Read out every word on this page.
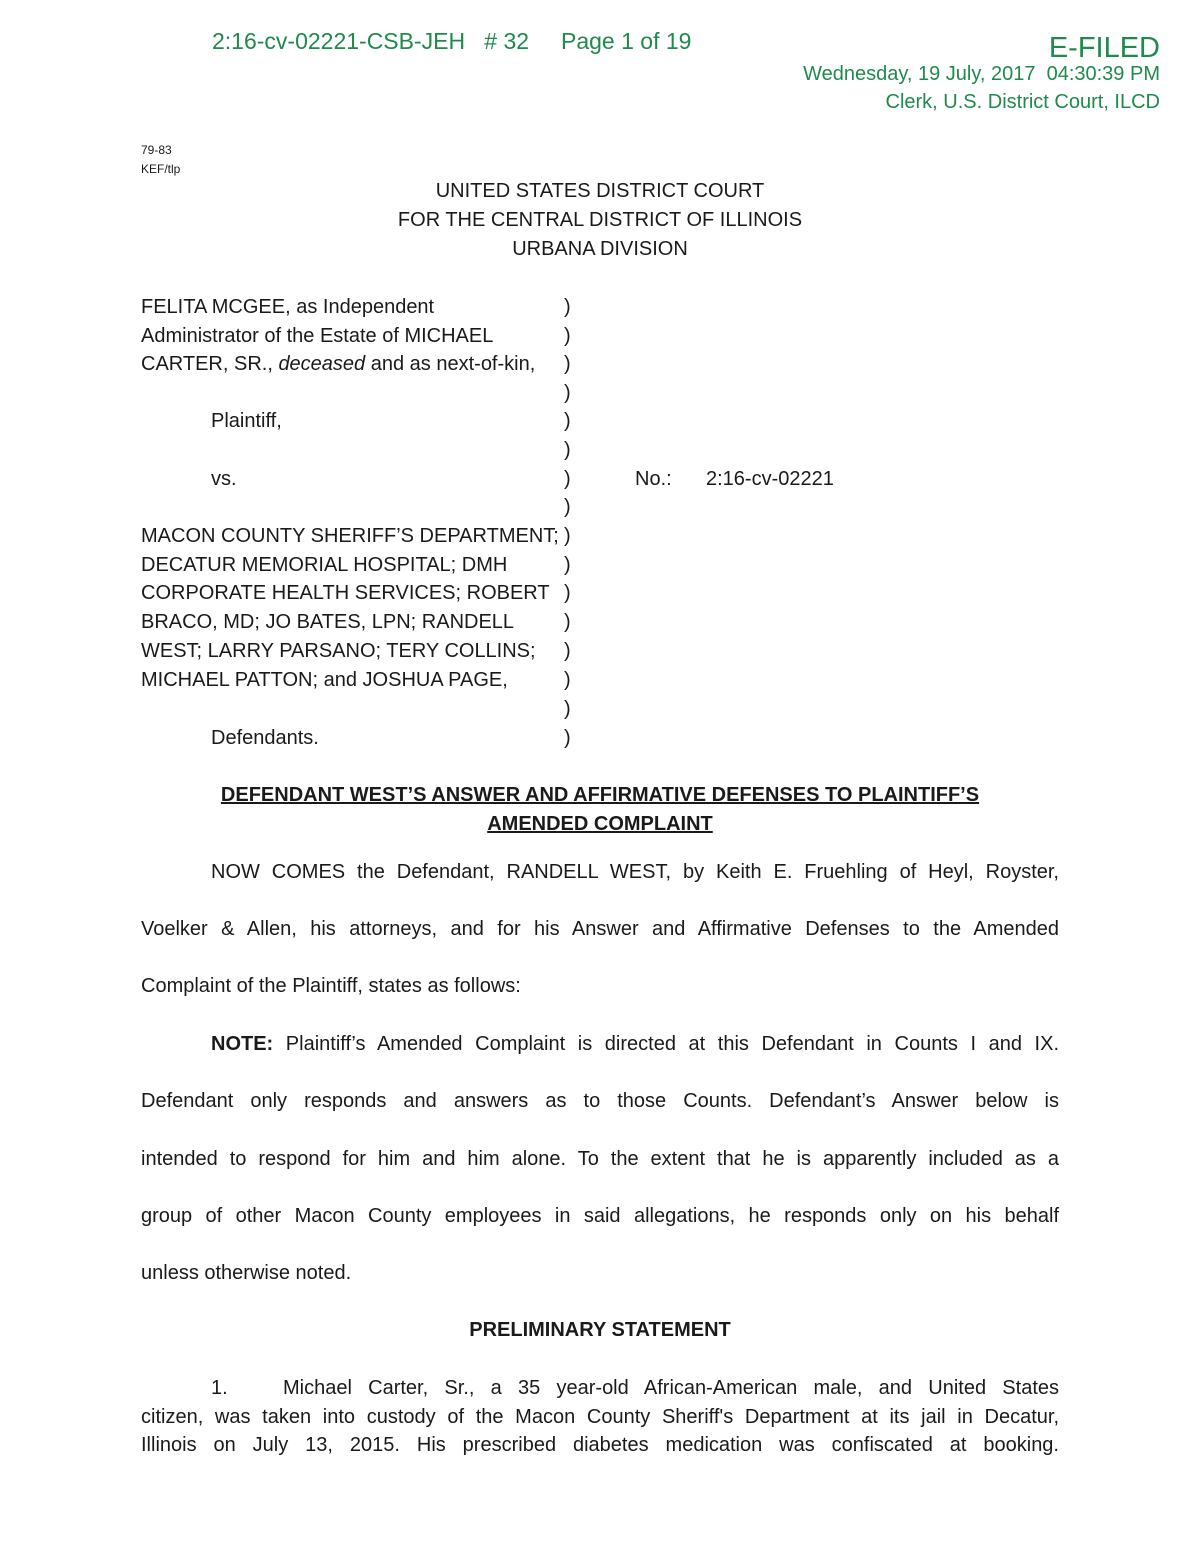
2:16-cv-02221-CSB-JEH # 32 Page 1 of 19	E-FILED
Wednesday, 19 July, 2017  04:30:39 PM
Clerk, U.S. District Court, ILCD
79-83
KEF/tlp
UNITED STATES DISTRICT COURT
FOR THE CENTRAL DISTRICT OF ILLINOIS
URBANA DIVISION
FELITA MCGEE, as Independent
Administrator of the Estate of MICHAEL
CARTER, SR., deceased and as next-of-kin,
Plaintiff,
vs.	No.: 2:16-cv-02221
MACON COUNTY SHERIFF’S DEPARTMENT;
DECATUR MEMORIAL HOSPITAL; DMH
CORPORATE HEALTH SERVICES; ROBERT
BRACO, MD; JO BATES, LPN; RANDELL
WEST; LARRY PARSANO; TERY COLLINS;
MICHAEL PATTON; and JOSHUA PAGE,
Defendants.
)
)
)
)
)
)
)
)
)
)
)
)
)
)
)
)
DEFENDANT WEST’S ANSWER AND AFFIRMATIVE DEFENSES TO PLAINTIFF’S
AMENDED COMPLAINT
NOW COMES the Defendant, RANDELL WEST, by Keith E. Fruehling of Heyl, Royster,
Voelker & Allen, his attorneys, and for his Answer and Affirmative Defenses to the Amended
Complaint of the Plaintiff, states as follows:
NOTE: Plaintiff’s Amended Complaint is directed at this Defendant in Counts I and IX.
Defendant only responds and answers as to those Counts. Defendant’s Answer below is
intended to respond for him and him alone. To the extent that he is apparently included as a
group of other Macon County employees in said allegations, he responds only on his behalf
unless otherwise noted.
PRELIMINARY STATEMENT
1.	Michael Carter, Sr., a 35 year-old African-American male, and United States
citizen, was taken into custody of the Macon County Sheriff's Department at its jail in Decatur,
Illinois on July 13, 2015. His prescribed diabetes medication was confiscated at booking.
